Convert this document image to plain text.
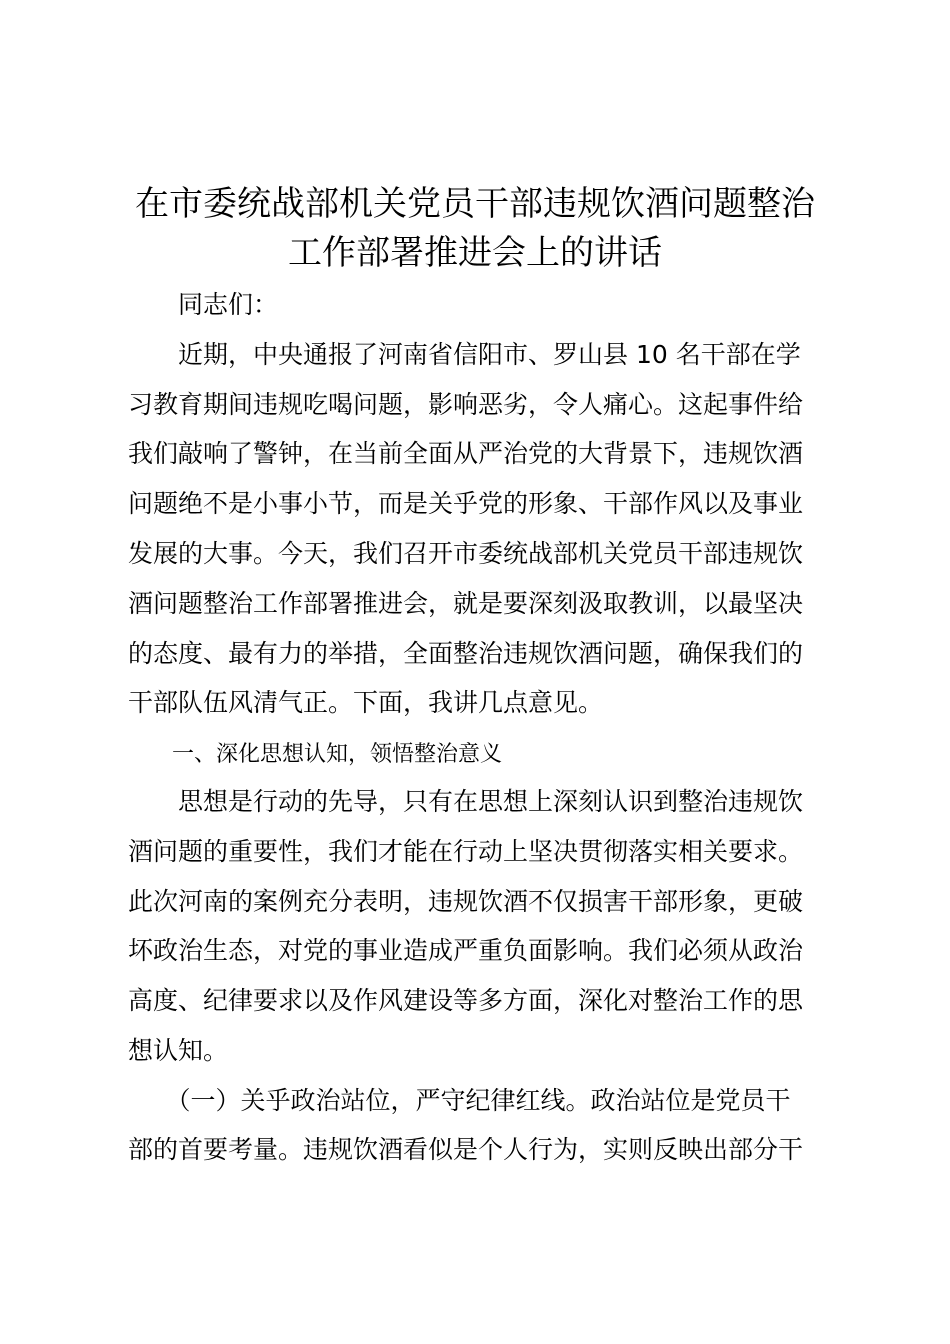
在市委统战部机关党员干部违规饮酒问题整治
工作部署推进会上的讲话

　　同志们：

　　近期，中央通报了河南省信阳市、罗山县 10 名干部在学

习教育期间违规吃喝问题，影响恶劣，令人痛心。这起事件给

我们敲响了警钟，在当前全面从严治党的大背景下，违规饮酒

问题绝不是小事小节，而是关乎党的形象、干部作风以及事业

发展的大事。今天，我们召开市委统战部机关党员干部违规饮

酒问题整治工作部署推进会，就是要深刻汲取教训，以最坚决

的态度、最有力的举措，全面整治违规饮酒问题，确保我们的

干部队伍风清气正。下面，我讲几点意见。

　　一、深化思想认知，领悟整治意义

　　思想是行动的先导，只有在思想上深刻认识到整治违规饮

酒问题的重要性，我们才能在行动上坚决贯彻落实相关要求。

此次河南的案例充分表明，违规饮酒不仅损害干部形象，更破

坏政治生态，对党的事业造成严重负面影响。我们必须从政治

高度、纪律要求以及作风建设等多方面，深化对整治工作的思

想认知。

　　（一）关乎政治站位，严守纪律红线。政治站位是党员干

部的首要考量。违规饮酒看似是个人行为，实则反映出部分干
